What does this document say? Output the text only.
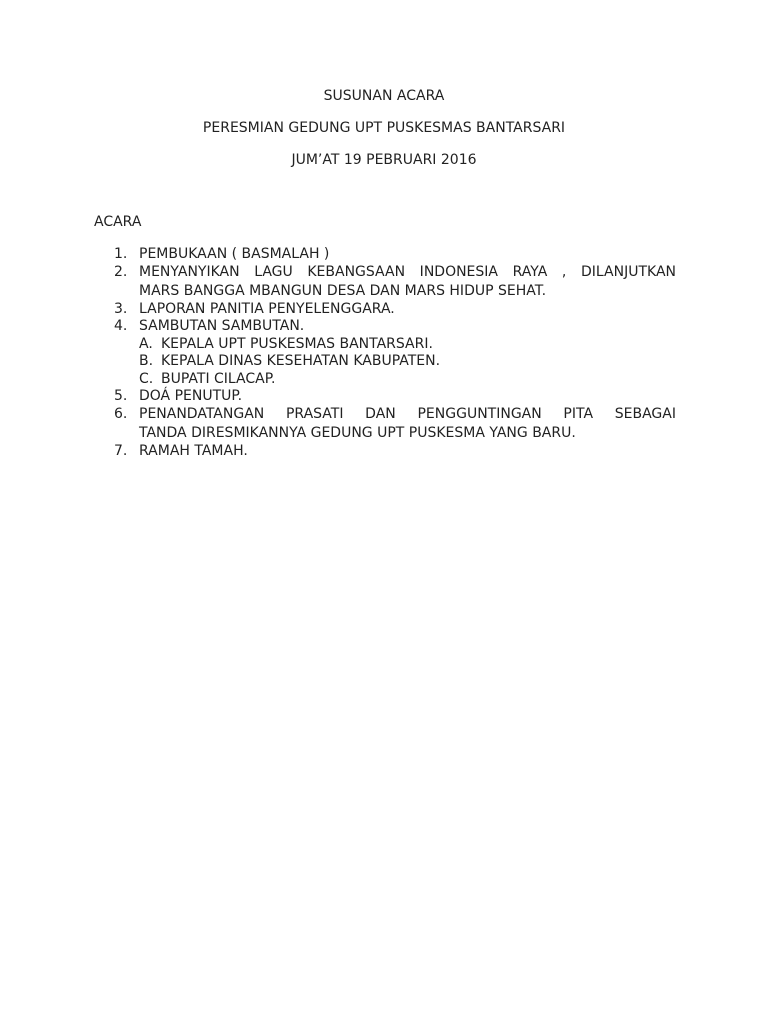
SUSUNAN ACARA
PERESMIAN GEDUNG UPT PUSKESMAS BANTARSARI
JUM’AT 19 PEBRUARI 2016
ACARA
1. PEMBUKAAN ( BASMALAH )
2. MENYANYIKAN LAGU KEBANGSAAN INDONESIA RAYA , DILANJUTKAN
MARS BANGGA MBANGUN DESA DAN MARS HIDUP SEHAT.
3. LAPORAN PANITIA PENYELENGGARA.
4. SAMBUTAN SAMBUTAN.
A. KEPALA UPT PUSKESMAS BANTARSARI.
B. KEPALA DINAS KESEHATAN KABUPATEN.
C. BUPATI CILACAP.
5. DOÁ PENUTUP.
6. PENANDATANGAN PRASATI DAN PENGGUNTINGAN PITA SEBAGAI
TANDA DIRESMIKANNYA GEDUNG UPT PUSKESMA YANG BARU.
7. RAMAH TAMAH.
